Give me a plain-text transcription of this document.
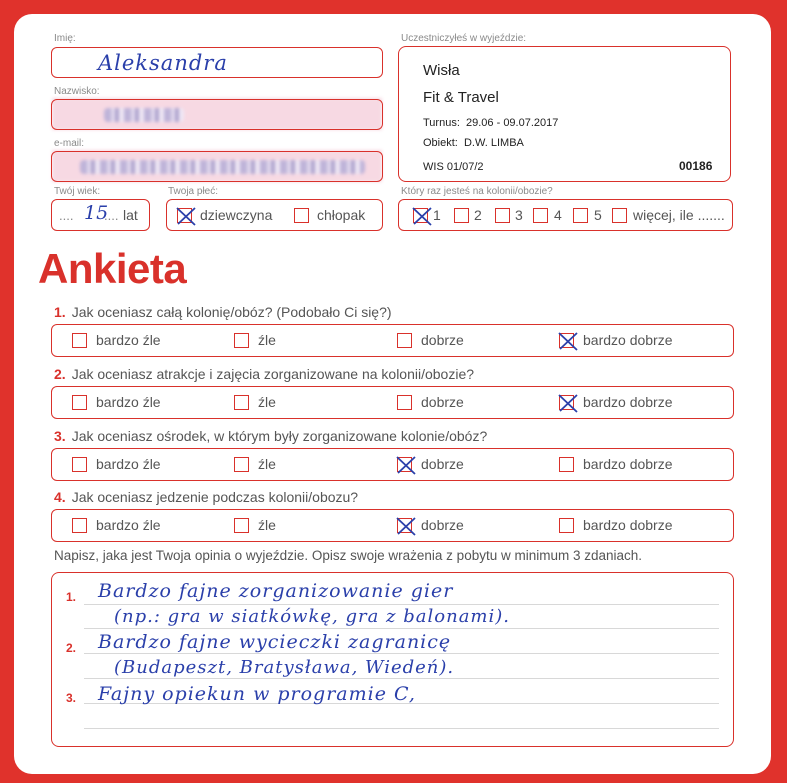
Imię:
Aleksandra
Nazwisko:
e-mail:
Twój wiek:
.... 15
.... lat
Twoja płeć:
dziewczyna	chłopak
Uczestniczyłeś w wyjeździe:
Wisła
Fit & Travel
Turnus: 29.06 - 09.07.2017
Obiekt: D.W. LIMBA
WIS 01/07/2	00186
Który raz jesteś na kolonii/obozie?
1 2 3 4 5 więcej, ile .......
Ankieta
1. Jak oceniasz całą kolonię/obóz? (Podobało Ci się?)
2. Jak oceniasz atrakcje i zajęcia zorganizowane na kolonii/obozie?
3. Jak oceniasz ośrodek, w którym były zorganizowane kolonie/obóz?
4. Jak oceniasz jedzenie podczas kolonii/obozu?
bardzo źle	źle	dobrze	bardzo dobrze
bardzo źle	źle	dobrze	bardzo dobrze
bardzo źle	źle	dobrze	bardzo dobrze
bardzo źle	źle	dobrze	bardzo dobrze
Napisz, jaka jest Twoja opinia o wyjeździe. Opisz swoje wrażenia z pobytu w minimum 3 zdaniach.
1.
2.
3.
Bardzo fajne zorganizowanie gier
(np.: gra w siatkówkę, gra z balonami).
Bardzo fajne wycieczki zagranicę
(Budapeszt, Bratysława, Wiedeń).
Fajny opiekun w programie C,
